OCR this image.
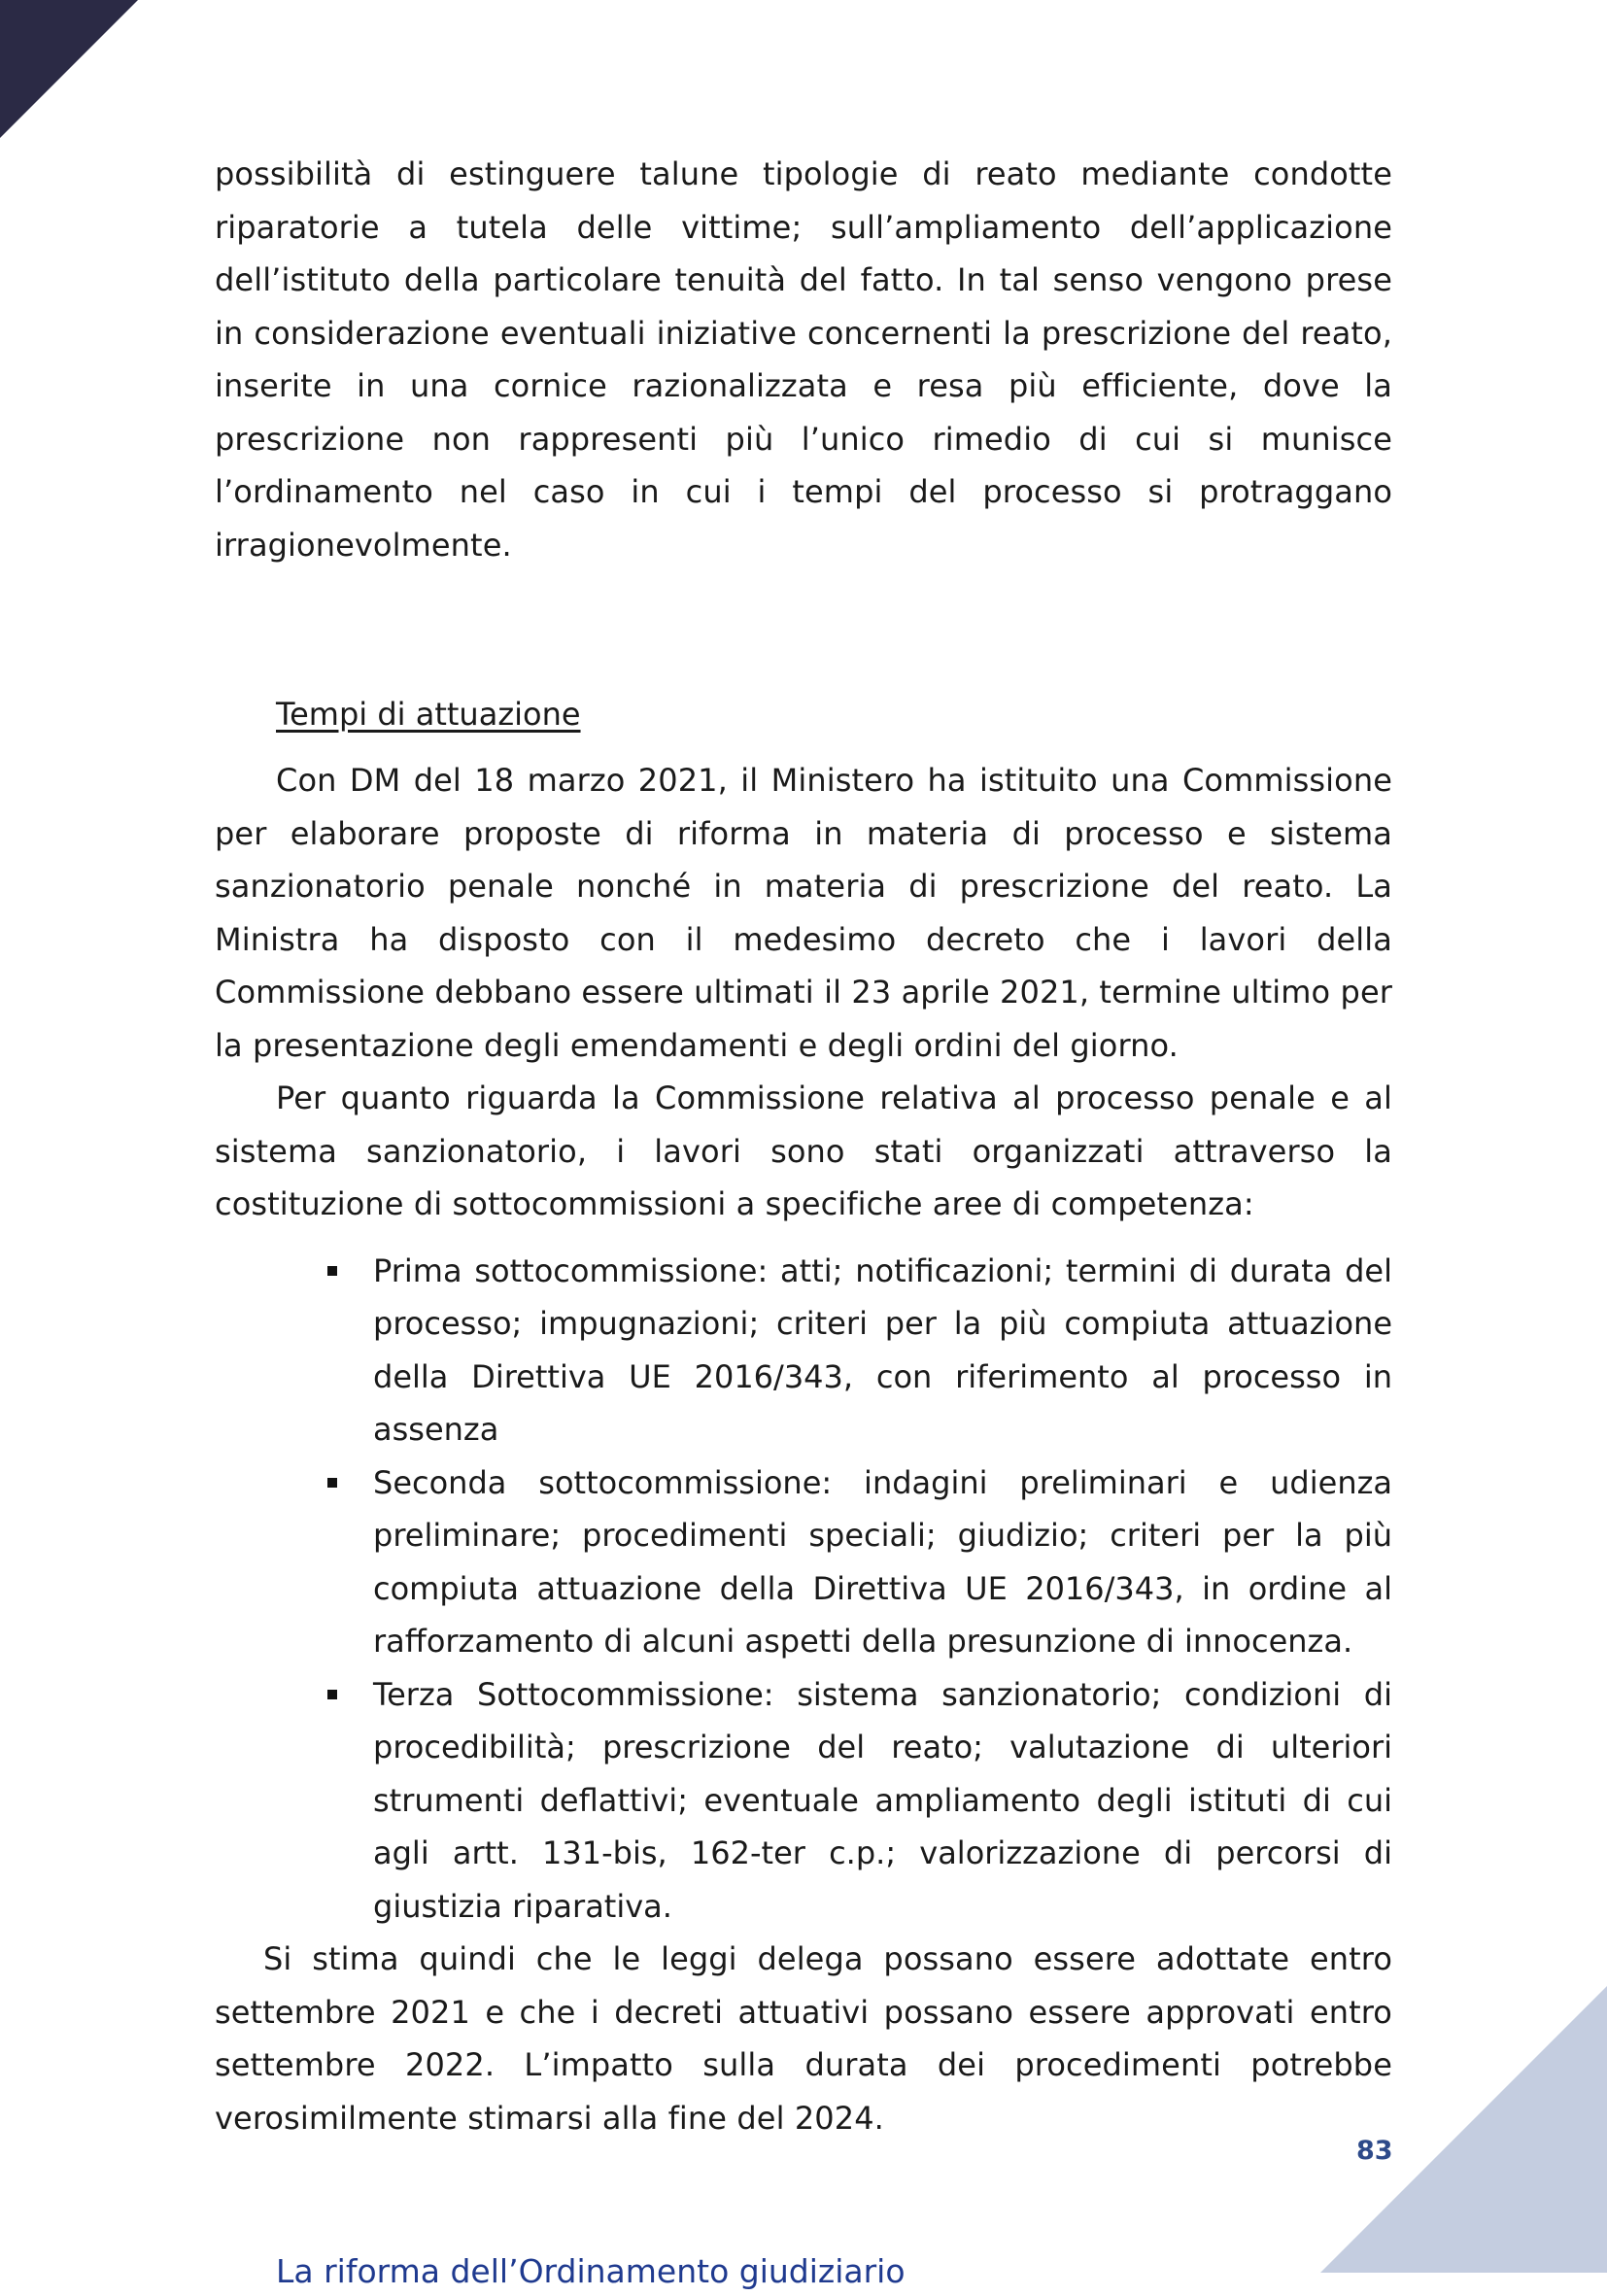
possibilità di estinguere talune tipologie di reato mediante condotte riparatorie a tutela delle vittime; sull’ampliamento dell’applicazione dell’istituto della particolare tenuità del fatto. In tal senso vengono prese in considerazione eventuali iniziative concernenti la prescrizione del reato, inserite in una cornice razionalizzata e resa più efficiente, dove la prescrizione non rappresenti più l’unico rimedio di cui si munisce l’ordinamento nel caso in cui i tempi del processo si protraggano irragionevolmente.

Tempi di attuazione

Con DM del 18 marzo 2021, il Ministero ha istituito una Commissione per elaborare proposte di riforma in materia di processo e sistema sanzionatorio penale nonché in materia di prescrizione del reato. La Ministra ha disposto con il medesimo decreto che i lavori della Commissione debbano essere ultimati il 23 aprile 2021, termine ultimo per la presentazione degli emendamenti e degli ordini del giorno.

Per quanto riguarda la Commissione relativa al processo penale e al sistema sanzionatorio, i lavori sono stati organizzati attraverso la costituzione di sottocommissioni a specifiche aree di competenza:

Prima sottocommissione: atti; notificazioni; termini di durata del processo; impugnazioni; criteri per la più compiuta attuazione della Direttiva UE 2016/343, con riferimento al processo in assenza
Seconda sottocommissione: indagini preliminari e udienza preliminare; procedimenti speciali; giudizio; criteri per la più compiuta attuazione della Direttiva UE 2016/343, in ordine al rafforzamento di alcuni aspetti della presunzione di innocenza.
Terza Sottocommissione: sistema sanzionatorio; condizioni di procedibilità; prescrizione del reato; valutazione di ulteriori strumenti deflattivi; eventuale ampliamento degli istituti di cui agli artt. 131-bis, 162-ter c.p.; valorizzazione di percorsi di giustizia riparativa.

Si stima quindi che le leggi delega possano essere adottate entro settembre 2021 e che i decreti attuativi possano essere approvati entro settembre 2022. L’impatto sulla durata dei procedimenti potrebbe verosimilmente stimarsi alla fine del 2024.

La riforma dell’Ordinamento giudiziario
83
